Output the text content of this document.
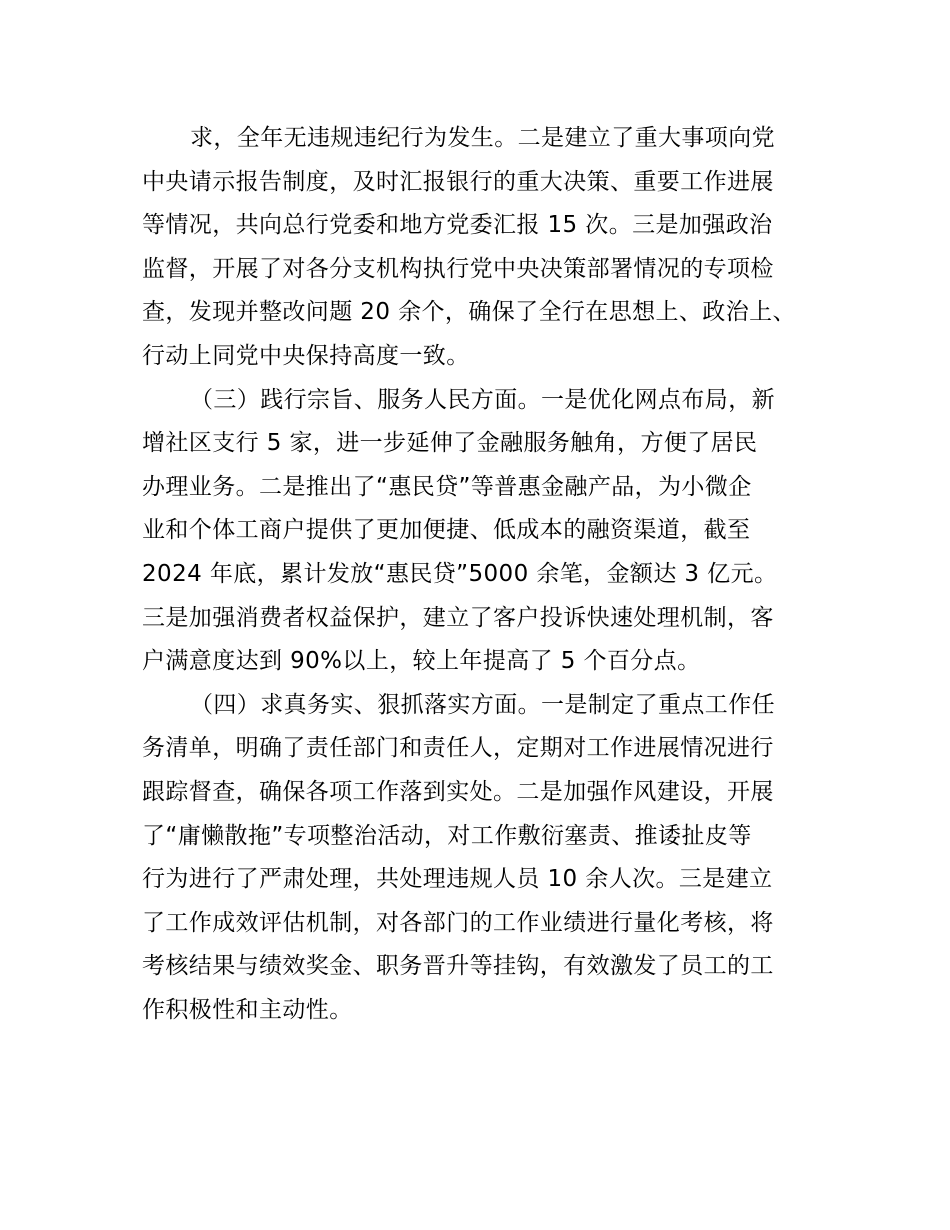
求，全年无违规违纪行为发生。二是建立了重大事项向党
中央请示报告制度，及时汇报银行的重大决策、重要工作进展
等情况，共向总行党委和地方党委汇报 15 次。三是加强政治
监督，开展了对各分支机构执行党中央决策部署情况的专项检
查，发现并整改问题 20 余个，确保了全行在思想上、政治上、
行动上同党中央保持高度一致。
（三）践行宗旨、服务人民方面。一是优化网点布局，新
增社区支行 5 家，进一步延伸了金融服务触角，方便了居民
办理业务。二是推出了“惠民贷”等普惠金融产品，为小微企
业和个体工商户提供了更加便捷、低成本的融资渠道，截至
2024 年底，累计发放“惠民贷”5000 余笔，金额达 3 亿元。
三是加强消费者权益保护，建立了客户投诉快速处理机制，客
户满意度达到 90%以上，较上年提高了 5 个百分点。
（四）求真务实、狠抓落实方面。一是制定了重点工作任
务清单，明确了责任部门和责任人，定期对工作进展情况进行
跟踪督查，确保各项工作落到实处。二是加强作风建设，开展
了“庸懒散拖”专项整治活动，对工作敷衍塞责、推诿扯皮等
行为进行了严肃处理，共处理违规人员 10 余人次。三是建立
了工作成效评估机制，对各部门的工作业绩进行量化考核，将
考核结果与绩效奖金、职务晋升等挂钩，有效激发了员工的工
作积极性和主动性。
